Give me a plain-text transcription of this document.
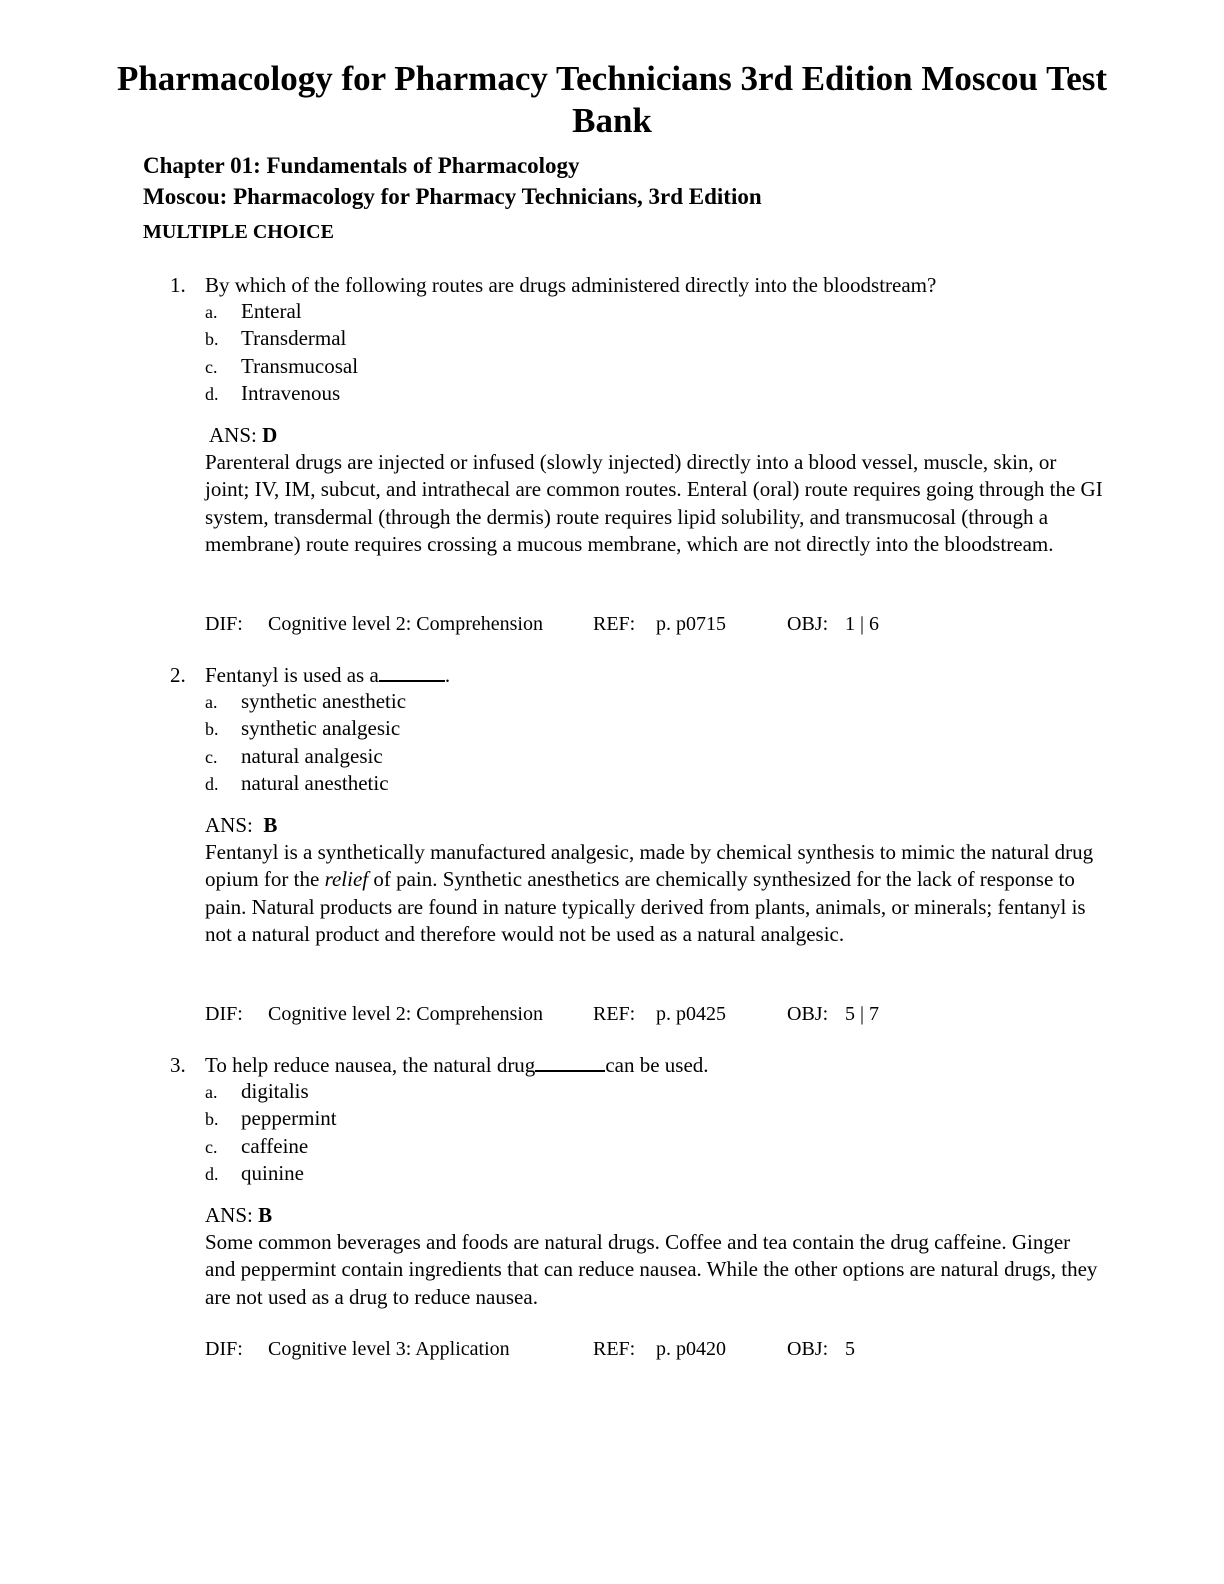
Pharmacology for Pharmacy Technicians 3rd Edition Moscou Test Bank
Chapter 01: Fundamentals of Pharmacology
Moscou: Pharmacology for Pharmacy Technicians, 3rd Edition
MULTIPLE CHOICE
1. By which of the following routes are drugs administered directly into the bloodstream?
a. Enteral
b. Transdermal
c. Transmucosal
d. Intravenous
ANS: D

Parenteral drugs are injected or infused (slowly injected) directly into a blood vessel, muscle, skin, or joint; IV, IM, subcut, and intrathecal are common routes. Enteral (oral) route requires going through the GI system, transdermal (through the dermis) route requires lipid solubility, and transmucosal (through a membrane) route requires crossing a mucous membrane, which are not directly into the bloodstream.

DIF: Cognitive level 2: Comprehension	REF: p. p0715	OBJ: 1 | 6
2. Fentanyl is used as a	.
a. synthetic anesthetic
b. synthetic analgesic
c. natural analgesic
d. natural anesthetic
ANS: B

Fentanyl is a synthetically manufactured analgesic, made by chemical synthesis to mimic the natural drug opium for the relief of pain. Synthetic anesthetics are chemically synthesized for the lack of response to pain. Natural products are found in nature typically derived from plants, animals, or minerals; fentanyl is not a natural product and therefore would not be used as a natural analgesic.

DIF: Cognitive level 2: Comprehension	REF: p. p0425	OBJ: 5 | 7
3. To help reduce nausea, the natural drug	can be used.
a. digitalis
b. peppermint
c. caffeine
d. quinine
ANS: B

Some common beverages and foods are natural drugs. Coffee and tea contain the drug caffeine. Ginger and peppermint contain ingredients that can reduce nausea. While the other options are natural drugs, they are not used as a drug to reduce nausea.

DIF: Cognitive level 3: Application	REF: p. p0420	OBJ: 5
